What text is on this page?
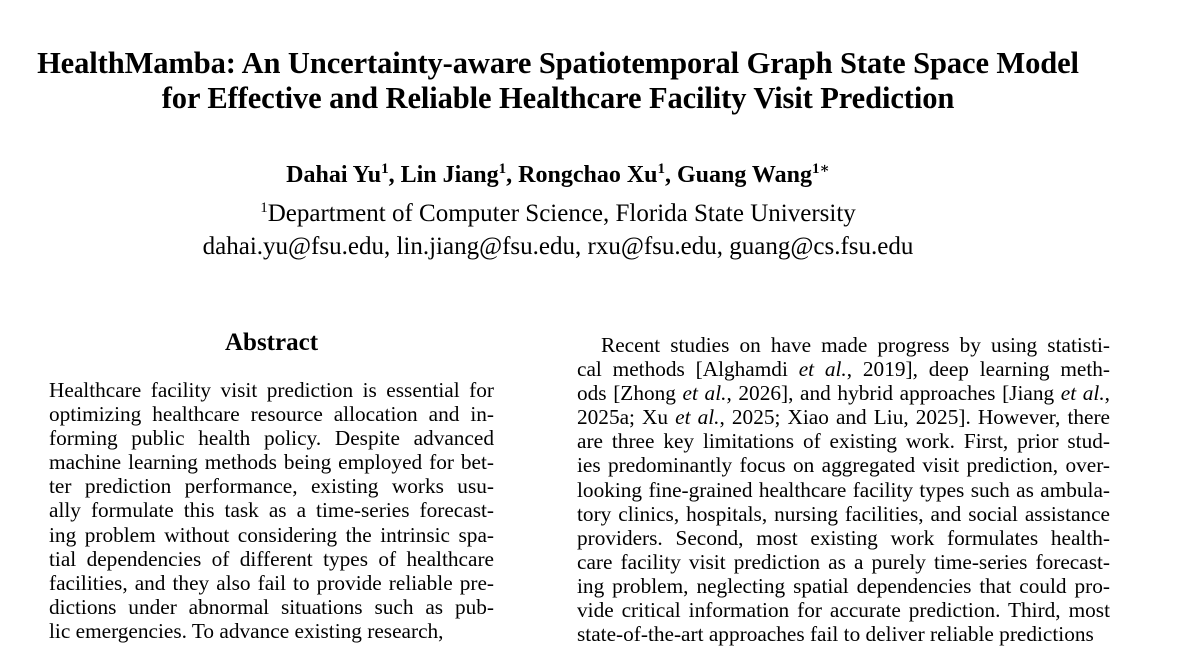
HealthMamba: An Uncertainty-aware Spatiotemporal Graph State Space Model
for Effective and Reliable Healthcare Facility Visit Prediction
Dahai Yu$^1$, Lin Jiang$^1$, Rongchao Xu$^1$, Guang Wang$^{1∗}$
$^1$Department of Computer Science, Florida State University
dahai.yu@fsu.edu, lin.jiang@fsu.edu, rxu@fsu.edu, guang@cs.fsu.edu
Abstract
Healthcare facility visit prediction is essential for
optimizing healthcare resource allocation and in-
forming public health policy. Despite advanced
machine learning methods being employed for bet-
ter prediction performance, existing works usu-
ally formulate this task as a time-series forecast-
ing problem without considering the intrinsic spa-
tial dependencies of different types of healthcare
facilities, and they also fail to provide reliable pre-
dictions under abnormal situations such as pub-
lic emergencies. To advance existing research,
Recent studies on have made progress by using statisti-
cal methods [Alghamdi et al., 2019], deep learning meth-
ods [Zhong et al., 2026], and hybrid approaches [Jiang et al.,
2025a; Xu et al., 2025; Xiao and Liu, 2025]. However, there
are three key limitations of existing work. First, prior stud-
ies predominantly focus on aggregated visit prediction, over-
looking fine-grained healthcare facility types such as ambula-
tory clinics, hospitals, nursing facilities, and social assistance
providers. Second, most existing work formulates health-
care facility visit prediction as a purely time-series forecast-
ing problem, neglecting spatial dependencies that could pro-
vide critical information for accurate prediction. Third, most
state-of-the-art approaches fail to deliver reliable predictions
